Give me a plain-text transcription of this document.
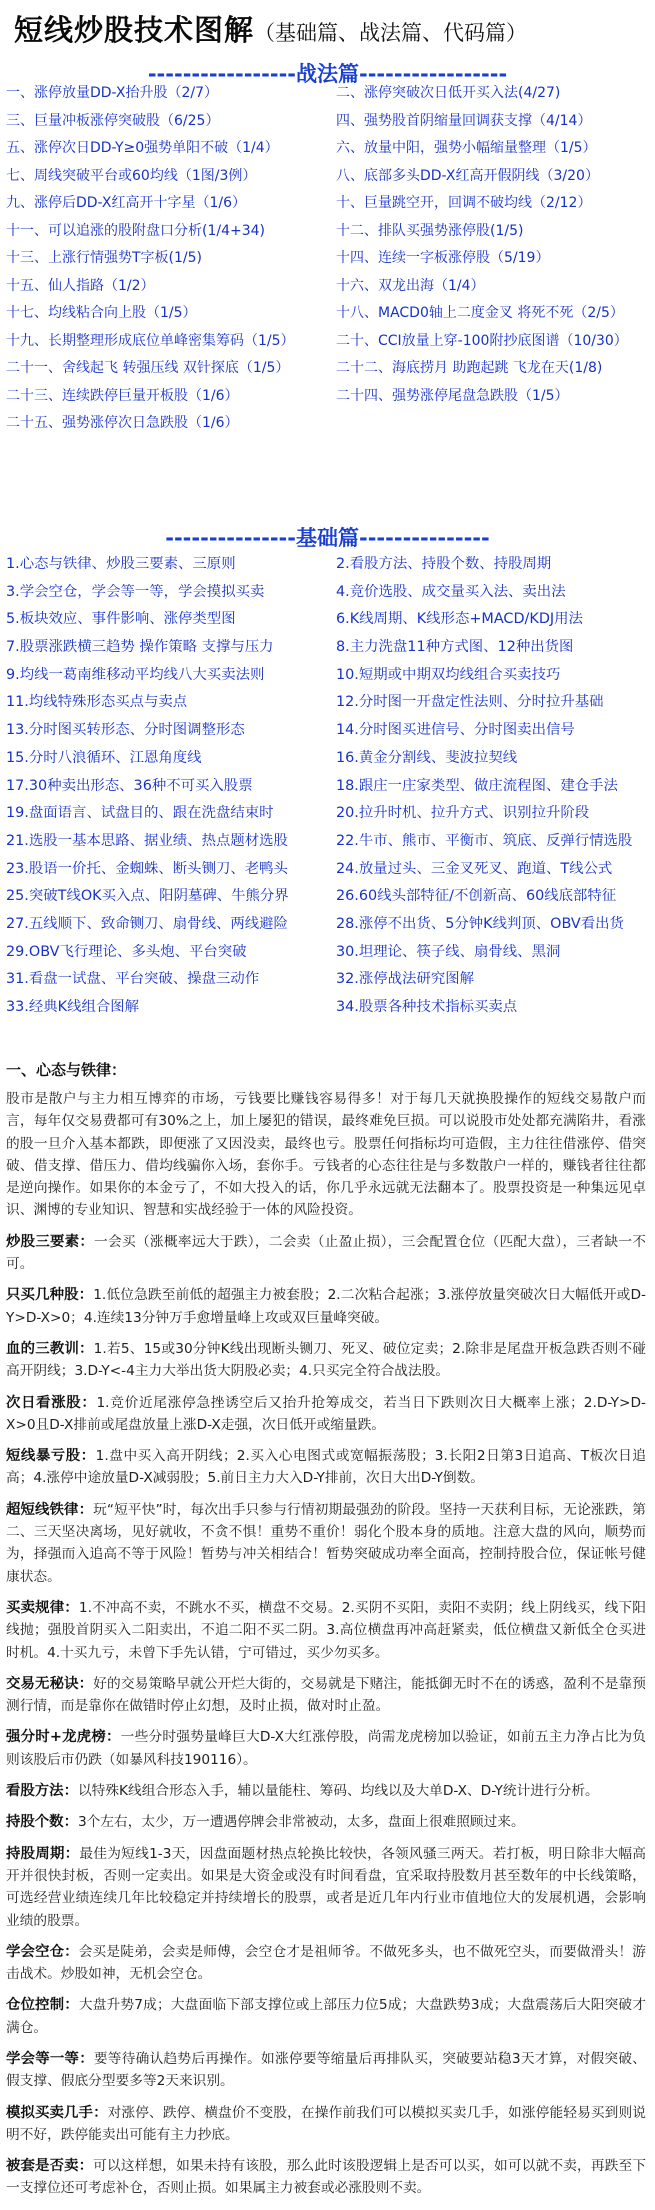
短线炒股技术图解（基础篇、战法篇、代码篇）
-----------------战法篇-----------------
一、涨停放量DD-X抬升股（2/7）	二、涨停突破次日低开买入法(4/27)
三、巨量冲板涨停突破股（6/25）	四、强势股首阴缩量回调获支撑（4/14）
五、涨停次日DD-Y≥0强势单阳不破（1/4）	六、放量中阳，强势小幅缩量整理（1/5）
七、周线突破平台或60均线（1图/3例）	八、底部多头DD-X红高开假阴线（3/20）
九、涨停后DD-X红高开十字星（1/6）	十、巨量跳空开，回调不破均线（2/12）
十一、可以追涨的股附盘口分析(1/4+34)	十二、排队买强势涨停股(1/5)
十三、上涨行情强势T字板(1/5)	十四、连续一字板涨停股（5/19）
十五、仙人指路（1/2）	十六、双龙出海（1/4）
十七、均线粘合向上股（1/5）	十八、MACD0轴上二度金叉 将死不死（2/5）
十九、长期整理形成底位单峰密集筹码（1/5）	二十、CCI放量上穿-100附抄底图谱（10/30）
二十一、舍线起飞 转强压线 双针探底（1/5）	二十二、海底捞月 助跑起跳 飞龙在天(1/8)
二十三、连续跌停巨量开板股（1/6）	二十四、强势涨停尾盘急跌股（1/5）
二十五、强势涨停次日急跌股（1/6）
---------------基础篇---------------
1.心态与铁律、炒股三要素、三原则	2.看股方法、持股个数、持股周期
3.学会空仓，学会等一等，学会摸拟买卖	4.竞价选股、成交量买入法、卖出法
5.板块效应、事件影响、涨停类型图	6.K线周期、K线形态+MACD/KDJ用法
7.股票涨跌横三趋势 操作策略 支撑与压力	8.主力洗盘11种方式图、12种出货图
9.均线一葛南维移动平均线八大买卖法则	10.短期或中期双均线组合买卖技巧
11.均线特殊形态买点与卖点	12.分时图一开盘定性法则、分时拉升基础
13.分时图买转形态、分时图调整形态	14.分时图买进信号、分时图卖出信号
15.分时八浪循环、江恩角度线	16.黄金分割线、斐波拉契线
17.30种卖出形态、36种不可买入股票	18.跟庄一庄家类型、做庄流程图、建仓手法
19.盘面语言、试盘目的、跟在洗盘结束时	20.拉升时机、拉升方式、识别拉升阶段
21.选股一基本思路、据业绩、热点题材选股	22.牛市、熊市、平衡市、筑底、反弹行情选股
23.股语一价托、金蜘蛛、断头铡刀、老鸭头	24.放量过头、三金叉死叉、跑道、T线公式
25.突破T线OK买入点、阳阴墓碑、牛熊分界	26.60线头部特征/不创新高、60线底部特征
27.五线顺下、致命铡刀、扇骨线、两线避险	28.涨停不出货、5分钟K线判顶、OBV看出货
29.OBV飞行理论、多头炮、平台突破	30.坦理论、筷子线、扇骨线、黑洞
31.看盘一试盘、平台突破、操盘三动作	32.涨停战法研究图解
33.经典K线组合图解	34.股票各种技术指标买卖点
一、心态与铁律：

股市是散户与主力相互博弈的市场，亏钱要比赚钱容易得多！对于每几天就换股操作的短线交易散户而言，每年仅交易费都可有30%之上，加上屡犯的错误，最终难免巨损。可以说股市处处都充满陷井，看涨的股一旦介入基本都跌，即便涨了又因没卖，最终也亏。股票任何指标均可造假，主力往往借涨停、借突破、借支撑、借压力、借均线骗你入场，套你手。亏钱者的心态往往是与多数散户一样的，赚钱者往往都是逆向操作。如果你的本金亏了，不如大投入的话，你几乎永远就无法翻本了。股票投资是一种集远见卓识、渊博的专业知识、智慧和实战经验于一体的风险投资。

炒股三要素：一会买（涨概率远大于跌），二会卖（止盈止损），三会配置仓位（匹配大盘），三者缺一不可。

只买几种股：1.低位急跌至前低的超强主力被套股；2.二次粘合起涨；3.涨停放量突破次日大幅低开或D-Y>D-X>0；4.连续13分钟万手愈增量峰上攻或双巨量峰突破。

血的三教训：1.若5、15或30分钟K线出现断头铡刀、死叉、破位定卖；2.除非是尾盘开板急跌否则不碰高开阴线；3.D-Y<-4主力大举出货大阴股必卖；4.只买完全符合战法股。

次日看涨股：1.竞价近尾涨停急挫诱空后又抬升抢筹成交，若当日下跌则次日大概率上涨；2.D-Y>D-X>0且D-X排前或尾盘放量上涨D-X走强，次日低开或缩量跌。

短线暴亏股：1.盘中买入高开阴线；2.买入心电图式或宽幅振荡股；3.长阳2日第3日追高、T板次日追高；4.涨停中途放量D-X减弱股；5.前日主力大入D-Y排前，次日大出D-Y倒数。

超短线铁律：玩“短平快”时，每次出手只参与行情初期最强劲的阶段。坚持一天获利目标，无论涨跌，第二、三天坚决离场，见好就收，不贪不惧！重势不重价！弱化个股本身的质地。注意大盘的风向，顺势而为，择强而入追高不等于风险！暂势与冲关相结合！暂势突破成功率全面高，控制持股合位，保证帐号健康状态。

买卖规律：1.不冲高不卖，不跳水不买，横盘不交易。2.买阴不买阳，卖阳不卖阴；线上阴线买，线下阳线抛；强股首阴买入二阳卖出，不追二阳不买二阴。3.高位横盘再冲高赶紧卖，低位横盘又新低全仓买进时机。4.十买九亏，未曾下手先认错，宁可错过，买少勿买多。

交易无秘诀：好的交易策略早就公开烂大街的，交易就是下赌注，能抵御无时不在的诱惑，盈利不是靠预测行情，而是靠你在做错时停止幻想，及时止损，做对时止盈。

强分时+龙虎榜：一些分时强势量峰巨大D-X大红涨停股，尚需龙虎榜加以验证，如前五主力净占比为负则该股后市仍跌（如暴风科技190116）。

看股方法：以特殊K线组合形态入手，辅以量能柱、筹码、均线以及大单D-X、D-Y统计进行分析。

持股个数：3个左右，太少，万一遭遇停牌会非常被动，太多，盘面上很难照顾过来。

持股周期：最佳为短线1-3天，因盘面题材热点轮换比较快，各领风骚三两天。若打板，明日除非大幅高开并很快封板，否则一定卖出。如果是大资金或没有时间看盘，宜采取持股数月甚至数年的中长线策略，可选经营业绩连续几年比较稳定并持续增长的股票，或者是近几年内行业市值地位大的发展机遇，会影响业绩的股票。

学会空仓：会买是陡弟，会卖是师傅，会空仓才是祖师爷。不做死多头，也不做死空头，而要做滑头！游击战术。炒股如神，无机会空仓。

仓位控制：大盘升势7成；大盘面临下部支撑位或上部压力位5成；大盘跌势3成；大盘震荡后大阳突破才满仓。

学会等一等：要等待确认趋势后再操作。如涨停要等缩量后再排队买，突破要站稳3天才算，对假突破、假支撑、假底分型要多等2天来识别。

模拟买卖几手：对涨停、跌停、横盘价不变股，在操作前我们可以模拟买卖几手，如涨停能轻易买到则说明不好，跌停能卖出可能有主力抄底。

被套是否卖：可以这样想，如果未持有该股，那么此时该股逻辑上是否可以买，如可以就不卖，再跌至下一支撑位还可考虑补仓，否则止损。如果属主力被套或必涨股则不卖。
